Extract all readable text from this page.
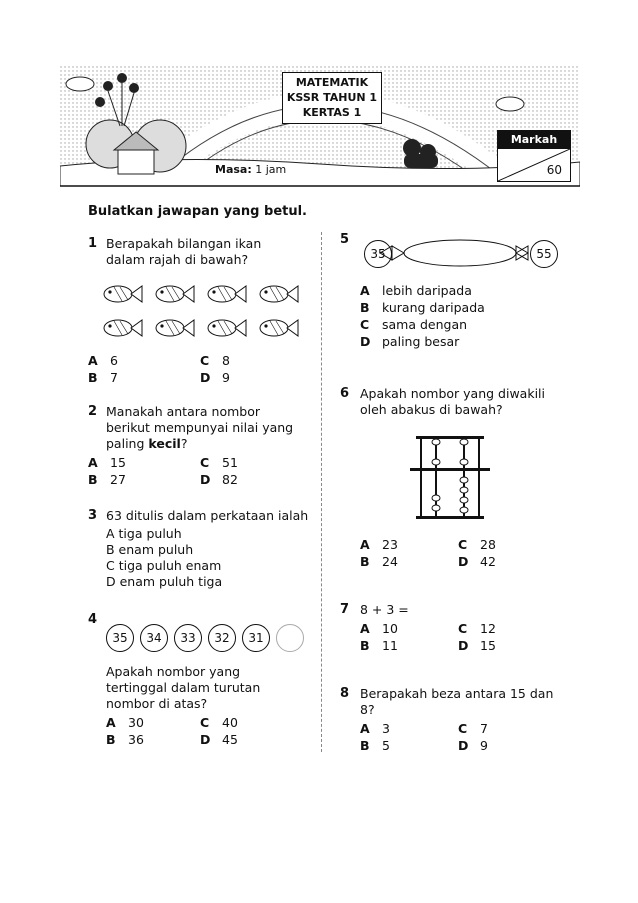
MATEMATIK
KSSR TAHUN 1
KERTAS 1
Masa: 1 jam
Markah
60
Bulatkan jawapan yang betul.
1 Berapakah bilangan ikan
dalam rajah di bawah?
A 6
B 7
C 8
D 9
2 Manakah antara nombor
berikut mempunyai nilai yang
paling kecil?
A 15
B 27
C 51
D 82
3 63 ditulis dalam perkataan ialah
A tiga puluh
B enam puluh
C tiga puluh enam
D enam puluh tiga
4
35	34	33	32	31
Apakah nombor yang
tertinggal dalam turutan
nombor di atas?
A 30
B 36
C 40
D 45
5
35	55
A lebih daripada
B kurang daripada
C sama dengan
D paling besar
6 Apakah nombor yang diwakili
oleh abakus di bawah?
A 23
B 24
C 28
D 42
7 8 + 3 =
A 10
B 11
C 12
D 15
8 Berapakah beza antara 15 dan
8?
A 3
B 5
C 7
D 9
